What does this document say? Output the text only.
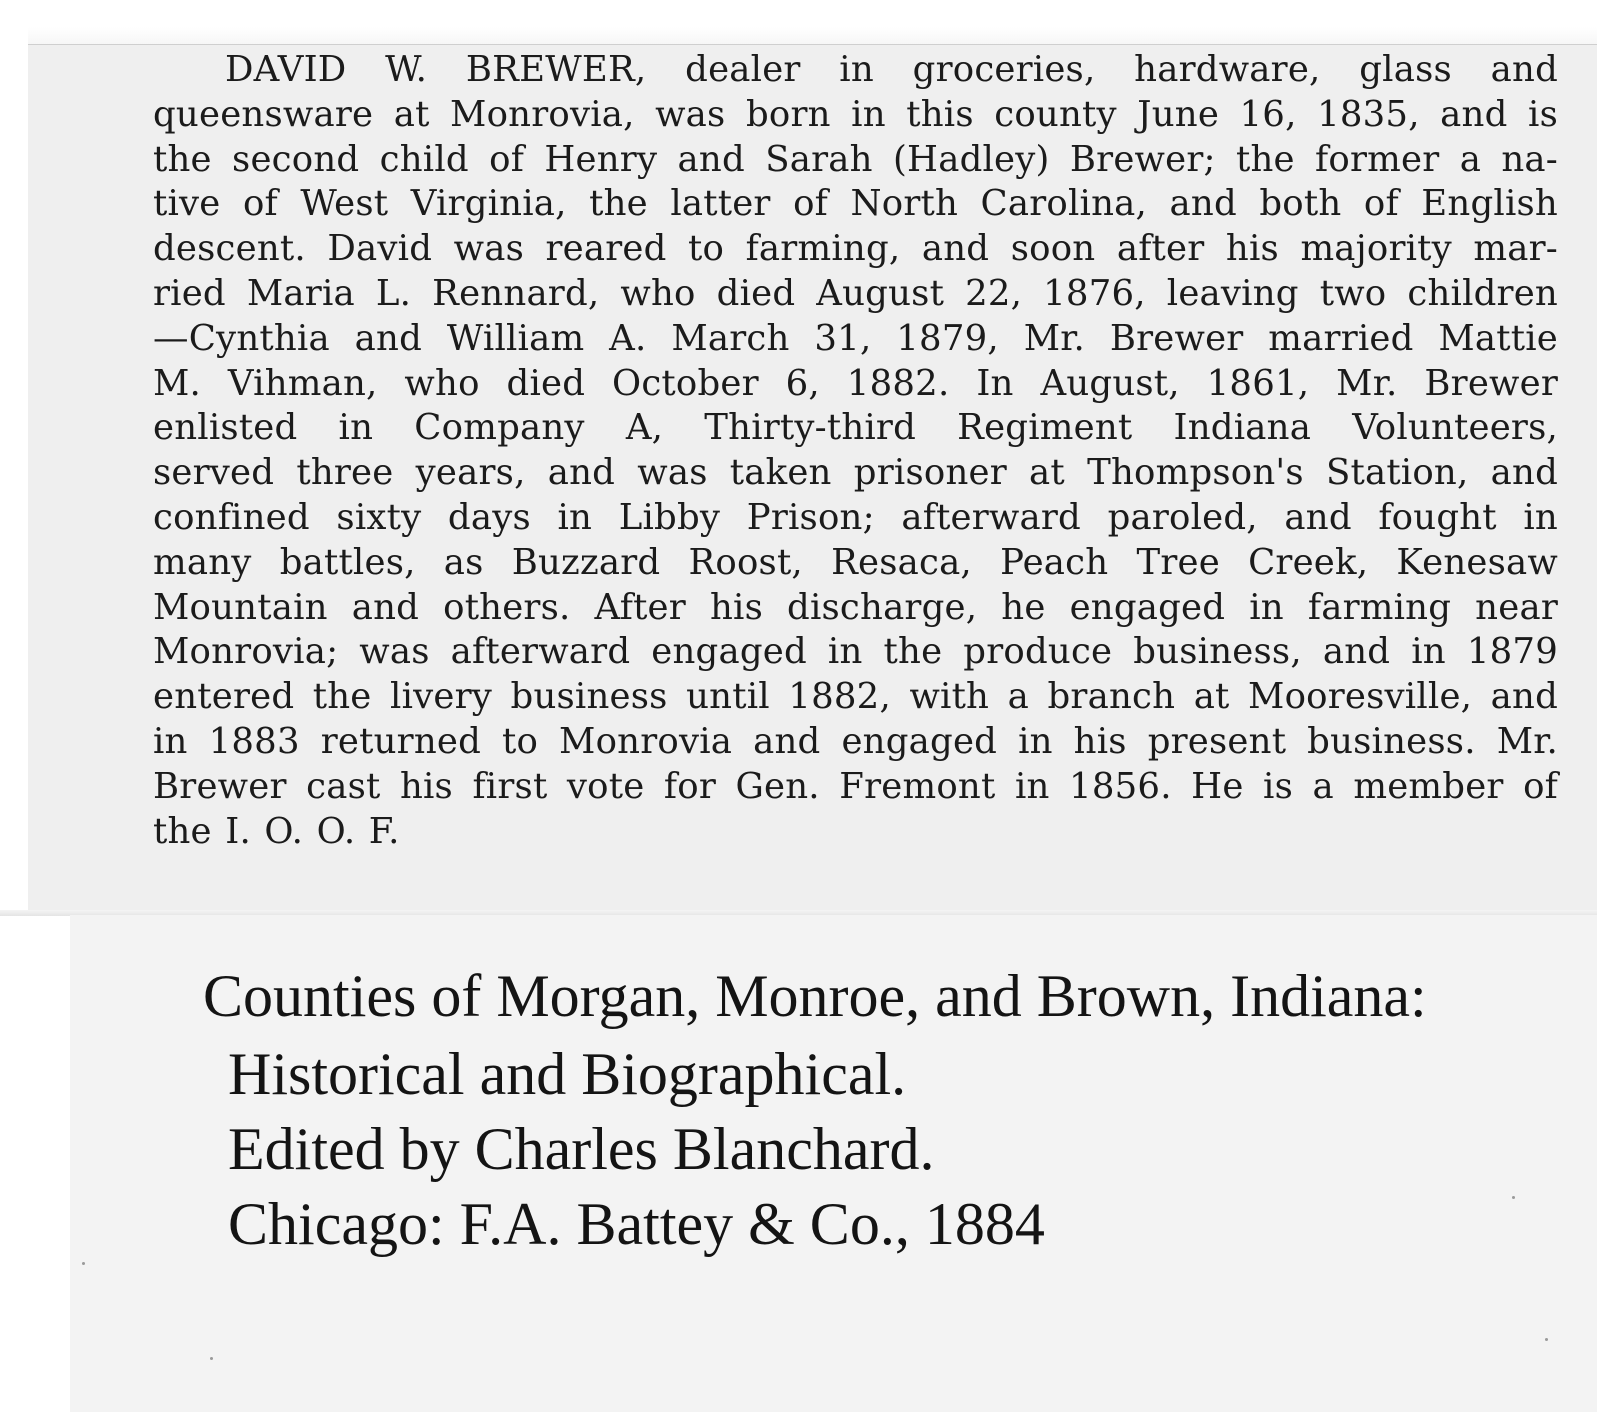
DAVID W. BREWER, dealer in groceries, hardware, glass and
queensware at Monrovia, was born in this county June 16, 1835, and is
the second child of Henry and Sarah (Hadley) Brewer; the former a na-
tive of West Virginia, the latter of North Carolina, and both of English
descent. David was reared to farming, and soon after his majority mar-
ried Maria L. Rennard, who died August 22, 1876, leaving two children
—Cynthia and William A. March 31, 1879, Mr. Brewer married Mattie
M. Vihman, who died October 6, 1882. In August, 1861, Mr. Brewer
enlisted in Company A, Thirty-third Regiment Indiana Volunteers,
served three years, and was taken prisoner at Thompson's Station, and
confined sixty days in Libby Prison; afterward paroled, and fought in
many battles, as Buzzard Roost, Resaca, Peach Tree Creek, Kenesaw
Mountain and others. After his discharge, he engaged in farming near
Monrovia; was afterward engaged in the produce business, and in 1879
entered the livery business until 1882, with a branch at Mooresville, and
in 1883 returned to Monrovia and engaged in his present business. Mr.
Brewer cast his first vote for Gen. Fremont in 1856. He is a member of
the I. O. O. F.
Counties of Morgan, Monroe, and Brown, Indiana:
Historical and Biographical.
Edited by Charles Blanchard.
Chicago: F.A. Battey & Co., 1884
